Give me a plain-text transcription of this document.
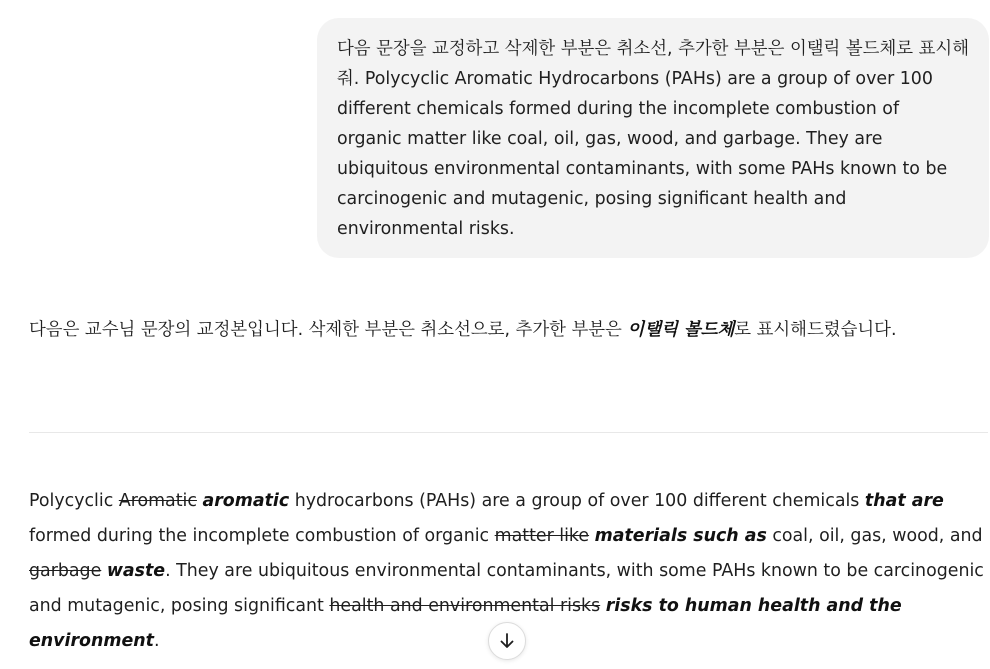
다음 문장을 교정하고 삭제한 부분은 취소선, 추가한 부분은 이탤릭 볼드체로 표시해줘. Polycyclic Aromatic Hydrocarbons (PAHs) are a group of over 100 different chemicals formed during the incomplete combustion of organic matter like coal, oil, gas, wood, and garbage. They are ubiquitous environmental contaminants, with some PAHs known to be carcinogenic and mutagenic, posing significant health and environmental risks.
다음은 교수님 문장의 교정본입니다. 삭제한 부분은 취소선으로, 추가한 부분은 이탤릭 볼드체로 표시해드렸습니다.
Polycyclic Aromatic aromatic hydrocarbons (PAHs) are a group of over 100 different chemicals that are formed during the incomplete combustion of organic matter like materials such as coal, oil, gas, wood, and garbage waste. They are ubiquitous environmental contaminants, with some PAHs known to be carcinogenic and mutagenic, posing significant health and environmental risks risks to human health and the environment.
